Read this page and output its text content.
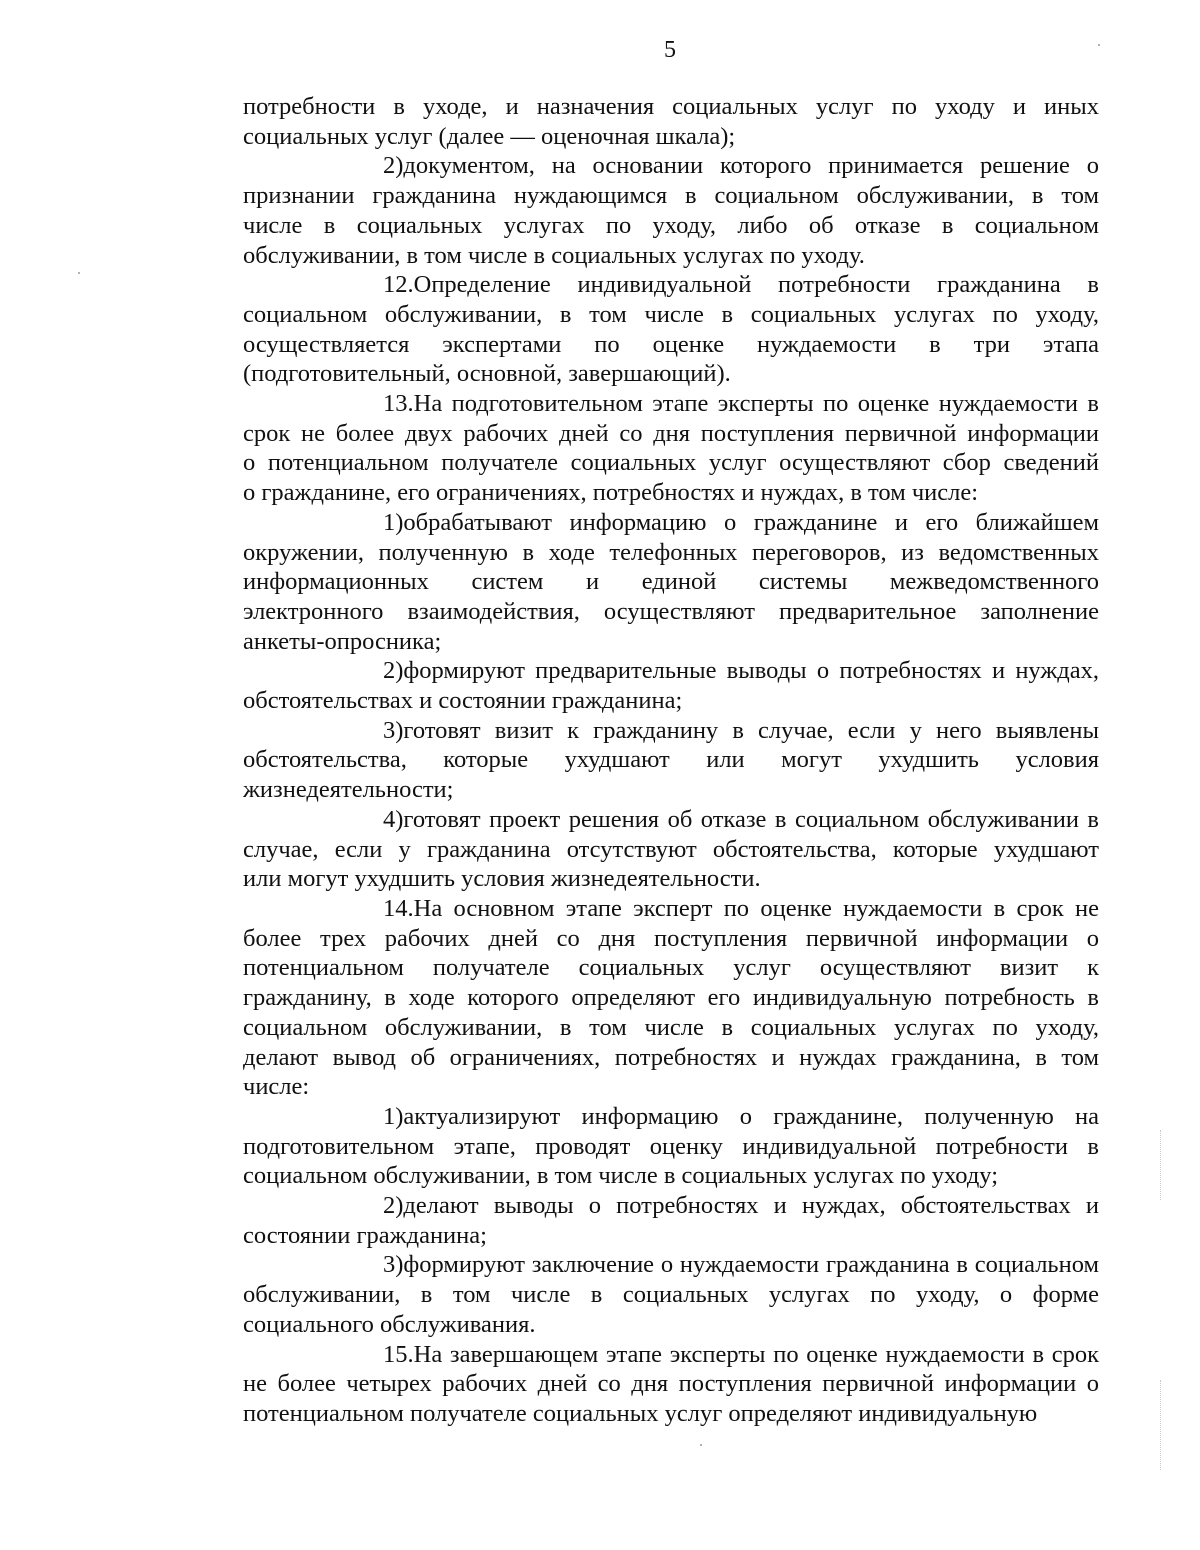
5
потребности в уходе, и назначения социальных услуг по уходу и иных
социальных услуг (далее — оценочная шкала);
2)документом, на основании которого принимается решение о
признании гражданина нуждающимся в социальном обслуживании, в том
числе в социальных услугах по уходу, либо об отказе в социальном
обслуживании, в том числе в социальных услугах по уходу.
12.Определение индивидуальной потребности гражданина в
социальном обслуживании, в том числе в социальных услугах по уходу,
осуществляется экспертами по оценке нуждаемости в три этапа
(подготовительный, основной, завершающий).
13.На подготовительном этапе эксперты по оценке нуждаемости в
срок не более двух рабочих дней со дня поступления первичной информации
о потенциальном получателе социальных услуг осуществляют сбор сведений
о гражданине, его ограничениях, потребностях и нуждах, в том числе:
1)обрабатывают информацию о гражданине и его ближайшем
окружении, полученную в ходе телефонных переговоров, из ведомственных
информационных систем и единой системы межведомственного
электронного взаимодействия, осуществляют предварительное заполнение
анкеты-опросника;
2)формируют предварительные выводы о потребностях и нуждах,
обстоятельствах и состоянии гражданина;
3)готовят визит к гражданину в случае, если у него выявлены
обстоятельства, которые ухудшают или могут ухудшить условия
жизнедеятельности;
4)готовят проект решения об отказе в социальном обслуживании в
случае, если у гражданина отсутствуют обстоятельства, которые ухудшают
или могут ухудшить условия жизнедеятельности.
14.На основном этапе эксперт по оценке нуждаемости в срок не
более трех рабочих дней со дня поступления первичной информации о
потенциальном получателе социальных услуг осуществляют визит к
гражданину, в ходе которого определяют его индивидуальную потребность в
социальном обслуживании, в том числе в социальных услугах по уходу,
делают вывод об ограничениях, потребностях и нуждах гражданина, в том
числе:
1)актуализируют информацию о гражданине, полученную на
подготовительном этапе, проводят оценку индивидуальной потребности в
социальном обслуживании, в том числе в социальных услугах по уходу;
2)делают выводы о потребностях и нуждах, обстоятельствах и
состоянии гражданина;
3)формируют заключение о нуждаемости гражданина в социальном
обслуживании, в том числе в социальных услугах по уходу, о форме
социального обслуживания.
15.На завершающем этапе эксперты по оценке нуждаемости в срок
не более четырех рабочих дней со дня поступления первичной информации о
потенциальном получателе социальных услуг определяют индивидуальную
